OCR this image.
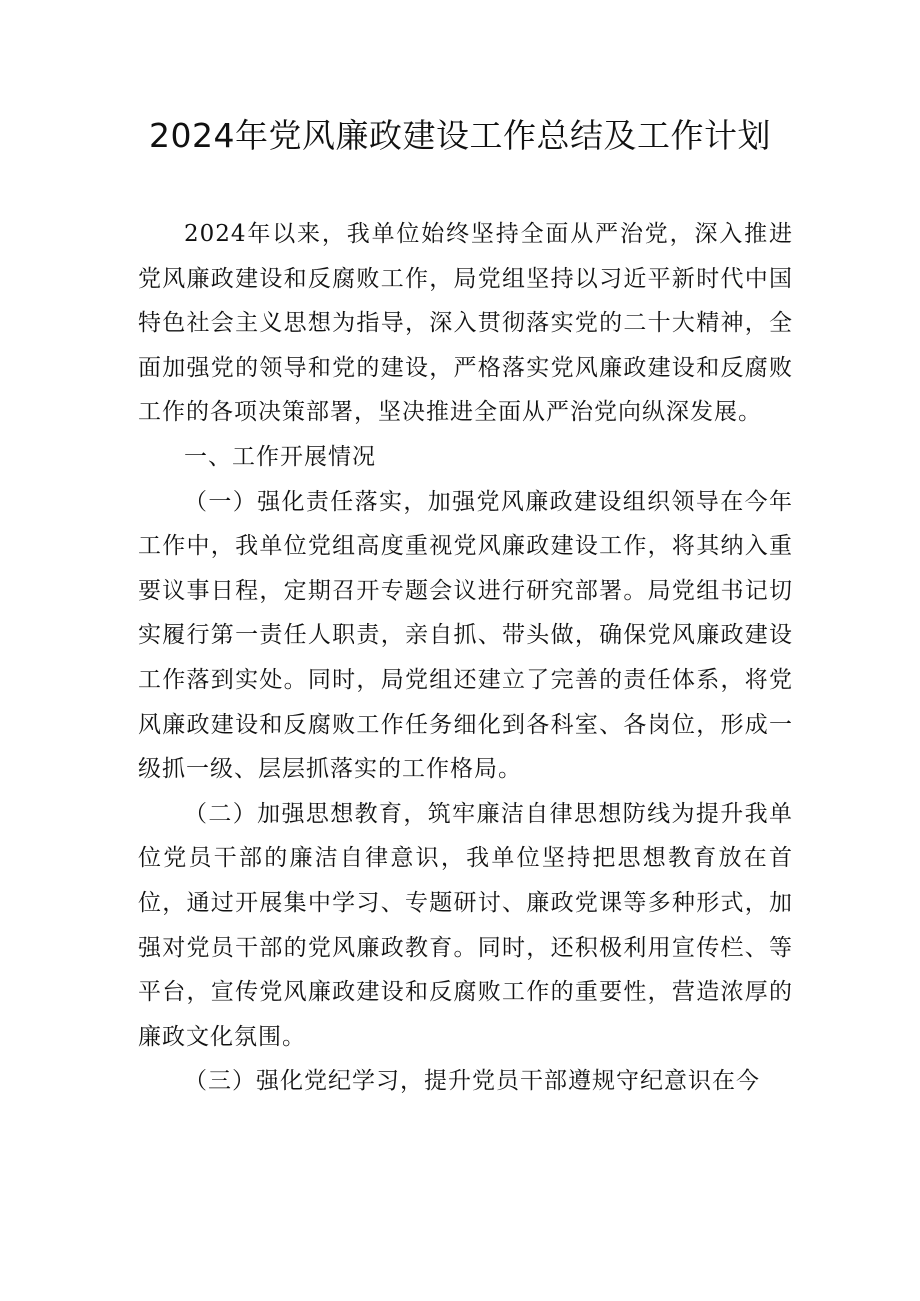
2024年党风廉政建设工作总结及工作计划

2024年以来，我单位始终坚持全面从严治党，深入推进党风廉政建设和反腐败工作，局党组坚持以习近平新时代中国特色社会主义思想为指导，深入贯彻落实党的二十大精神，全面加强党的领导和党的建设，严格落实党风廉政建设和反腐败工作的各项决策部署，坚决推进全面从严治党向纵深发展。

一、工作开展情况

（一）强化责任落实，加强党风廉政建设组织领导在今年工作中，我单位党组高度重视党风廉政建设工作，将其纳入重要议事日程，定期召开专题会议进行研究部署。局党组书记切实履行第一责任人职责，亲自抓、带头做，确保党风廉政建设工作落到实处。同时，局党组还建立了完善的责任体系，将党风廉政建设和反腐败工作任务细化到各科室、各岗位，形成一级抓一级、层层抓落实的工作格局。

（二）加强思想教育，筑牢廉洁自律思想防线为提升我单位党员干部的廉洁自律意识，我单位坚持把思想教育放在首位，通过开展集中学习、专题研讨、廉政党课等多种形式，加强对党员干部的党风廉政教育。同时，还积极利用宣传栏、等平台，宣传党风廉政建设和反腐败工作的重要性，营造浓厚的廉政文化氛围。

（三）强化党纪学习，提升党员干部遵规守纪意识在今
